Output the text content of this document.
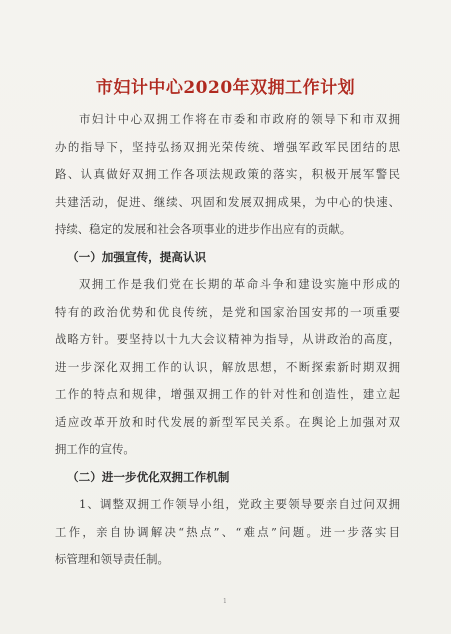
市妇计中心2020年双拥工作计划
市妇计中心双拥工作将在市委和市政府的领导下和市双拥
办的指导下，坚持弘扬双拥光荣传统、增强军政军民团结的思
路、认真做好双拥工作各项法规政策的落实，积极开展军警民
共建活动，促进、继续、巩固和发展双拥成果，为中心的快速、
持续、稳定的发展和社会各项事业的进步作出应有的贡献。
（一）加强宣传，提高认识
双拥工作是我们党在长期的革命斗争和建设实施中形成的
特有的政治优势和优良传统，是党和国家治国安邦的一项重要
战略方针。要坚持以十九大会议精神为指导，从讲政治的高度，
进一步深化双拥工作的认识，解放思想，不断探索新时期双拥
工作的特点和规律，增强双拥工作的针对性和创造性，建立起
适应改革开放和时代发展的新型军民关系。在舆论上加强对双
拥工作的宣传。
（二）进一步优化双拥工作机制
1、调整双拥工作领导小组，党政主要领导要亲自过问双拥
工作，亲自协调解决“热点”、“难点”问题。进一步落实目
标管理和领导责任制。
1
